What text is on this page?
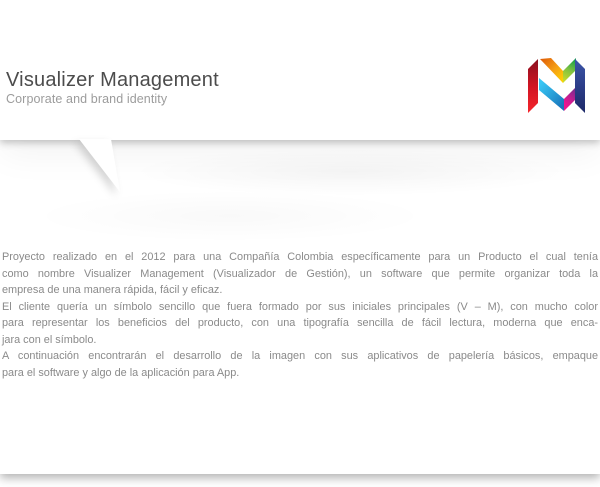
Proyecto realizado en el 2012 para una Compañía Colombia específicamente para un Producto el cual tenía
como nombre Visualizer Management (Visualizador de Gestión), un software que permite organizar toda la
empresa de una manera rápida, fácil y eficaz.
El cliente quería un símbolo sencillo que fuera formado por sus iniciales principales (V – M), con mucho color
para representar los beneficios del producto, con una tipografía sencilla de fácil lectura, moderna que enca-
jara con el símbolo.
A continuación encontrarán el desarrollo de la imagen con sus aplicativos de papelería básicos, empaque
para el software y algo de la aplicación para App.
Visualizer Management
Corporate and brand identity
